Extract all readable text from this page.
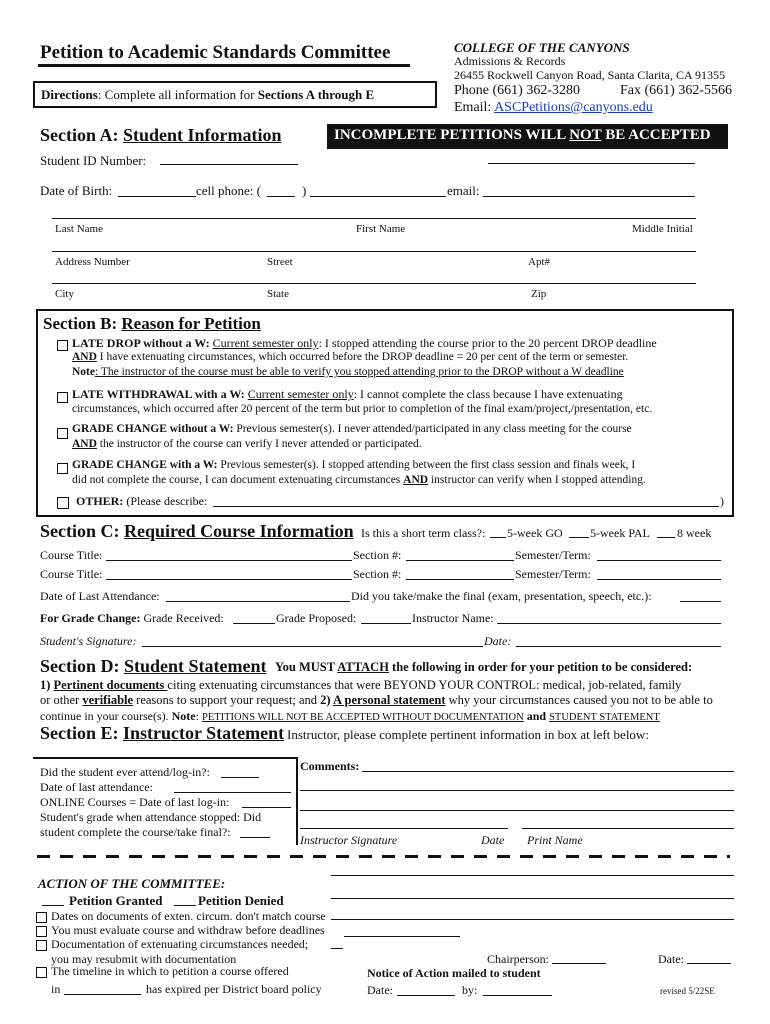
Petition to Academic Standards Committee
Directions: Complete all information for Sections A through E
COLLEGE OF THE CANYONS
Admissions & Records
26455 Rockwell Canyon Road, Santa Clarita, CA 91355
Phone (661) 362-3280	Fax (661) 362-5566
Email: ASCPetitions@canyons.edu
Section A: Student Information	INCOMPLETE PETITIONS WILL NOT BE ACCEPTED
Student ID Number:
Date of Birth:	cell phone: (	)	email:
Last Name	First Name	Middle Initial
Address Number	Street	Apt#
City	State	Zip
Section B: Reason for Petition
LATE DROP without a W: Current semester only: I stopped attending the course prior to the 20 percent DROP deadline
AND I have extenuating circumstances, which occurred before the DROP deadline = 20 per cent of the term or semester.
Note: The instructor of the course must be able to verify you stopped attending prior to the DROP without a W deadline
LATE WITHDRAWAL with a W: Current semester only: I cannot complete the class because I have extenuating
circumstances, which occurred after 20 percent of the term but prior to completion of the final exam/project,/presentation, etc.
GRADE CHANGE without a W: Previous semester(s). I never attended/participated in any class meeting for the course
AND the instructor of the course can verify I never attended or participated.
GRADE CHANGE with a W: Previous semester(s). I stopped attending between the first class session and finals week, I
did not complete the course, I can document extenuating circumstances AND instructor can verify when I stopped attending.
OTHER: (Please describe:	)
Section C: Required Course Information Is this a short term class?: 5-week GO 5-week PAL 8 week
Course Title:	Section #:	Semester/Term:
Course Title:	Section #:	Semester/Term:
Date of Last Attendance:	Did you take/make the final (exam, presentation, speech, etc.):
For Grade Change: Grade Received:	Grade Proposed:	Instructor Name:
Student's Signature:	Date:
Section D: Student Statement You MUST ATTACH the following in order for your petition to be considered:
1) Pertinent documents citing extenuating circumstances that were BEYOND YOUR CONTROL: medical, job-related, family
or other verifiable reasons to support your request; and 2) A personal statement why your circumstances caused you not to be able to
continue in your course(s). Note: PETITIONS WILL NOT BE ACCEPTED WITHOUT DOCUMENTATION and STUDENT STATEMENT
Section E: Instructor Statement Instructor, please complete pertinent information in box at left below:
Did the student ever attend/log-in?:
Date of last attendance:
ONLINE Courses = Date of last log-in:
Student's grade when attendance stopped: Did
student complete the course/take final?:
Comments:
Instructor Signature	Date Print Name
ACTION OF THE COMMITTEE:
Petition Granted	Petition Denied
Dates on documents of exten. circum. don't match course
You must evaluate course and withdraw before deadlines
Documentation of extenuating circumstances needed;
you may resubmit with documentation
The timeline in which to petition a course offered
in	has expired per District board policy
Chairperson:	Date:
Notice of Action mailed to student
Date:	by:	revised 5/22SE
